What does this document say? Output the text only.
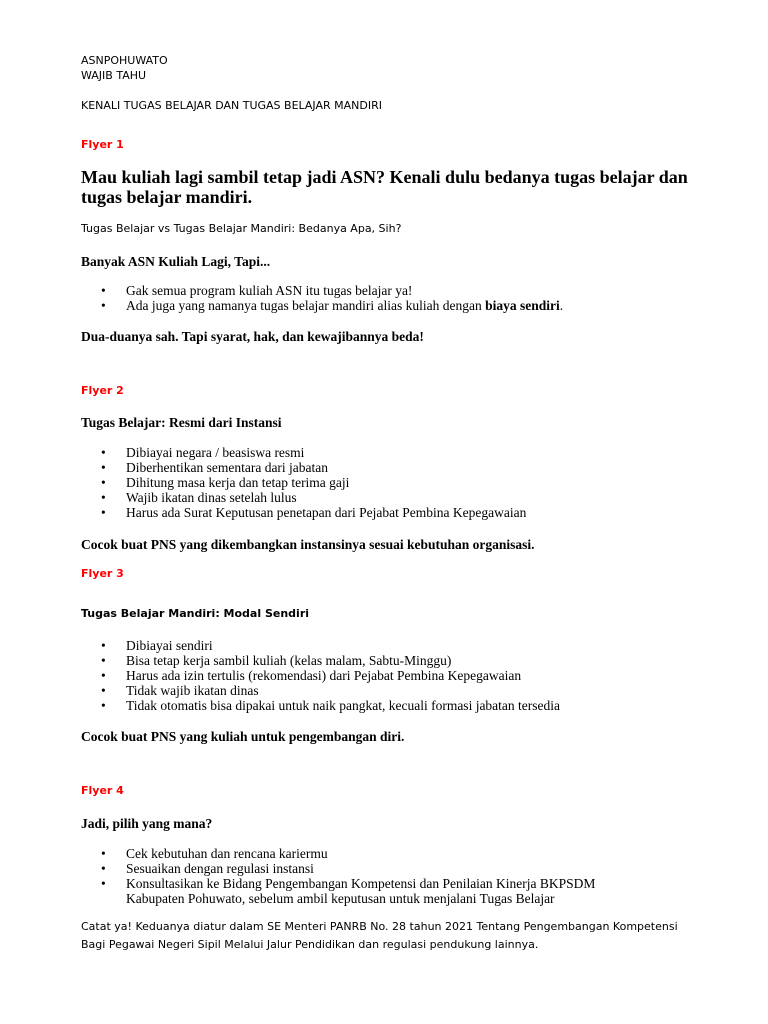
ASNPOHUWATO

WAJIB TAHU

KENALI TUGAS BELAJAR DAN TUGAS BELAJAR MANDIRI

Flyer 1

Mau kuliah lagi sambil tetap jadi ASN? Kenali dulu bedanya tugas belajar dan tugas belajar mandiri.

Tugas Belajar vs Tugas Belajar Mandiri: Bedanya Apa, Sih?

Banyak ASN Kuliah Lagi, Tapi...

• Gak semua program kuliah ASN itu tugas belajar ya!
• Ada juga yang namanya tugas belajar mandiri alias kuliah dengan biaya sendiri.

Dua-duanya sah. Tapi syarat, hak, dan kewajibannya beda!

Flyer 2

Tugas Belajar: Resmi dari Instansi

• Dibiayai negara / beasiswa resmi
• Diberhentikan sementara dari jabatan
• Dihitung masa kerja dan tetap terima gaji
• Wajib ikatan dinas setelah lulus
• Harus ada Surat Keputusan penetapan dari Pejabat Pembina Kepegawaian

Cocok buat PNS yang dikembangkan instansinya sesuai kebutuhan organisasi.

Flyer 3

Tugas Belajar Mandiri: Modal Sendiri

• Dibiayai sendiri
• Bisa tetap kerja sambil kuliah (kelas malam, Sabtu-Minggu)
• Harus ada izin tertulis (rekomendasi) dari Pejabat Pembina Kepegawaian
• Tidak wajib ikatan dinas
• Tidak otomatis bisa dipakai untuk naik pangkat, kecuali formasi jabatan tersedia

Cocok buat PNS yang kuliah untuk pengembangan diri.

Flyer 4

Jadi, pilih yang mana?

• Cek kebutuhan dan rencana kariermu
• Sesuaikan dengan regulasi instansi
• Konsultasikan ke Bidang Pengembangan Kompetensi dan Penilaian Kinerja BKPSDM
Kabupaten Pohuwato, sebelum ambil keputusan untuk menjalani Tugas Belajar

Catat ya! Keduanya diatur dalam SE Menteri PANRB No. 28 tahun 2021 Tentang Pengembangan Kompetensi Bagi Pegawai Negeri Sipil Melalui Jalur Pendidikan dan regulasi pendukung lainnya.
